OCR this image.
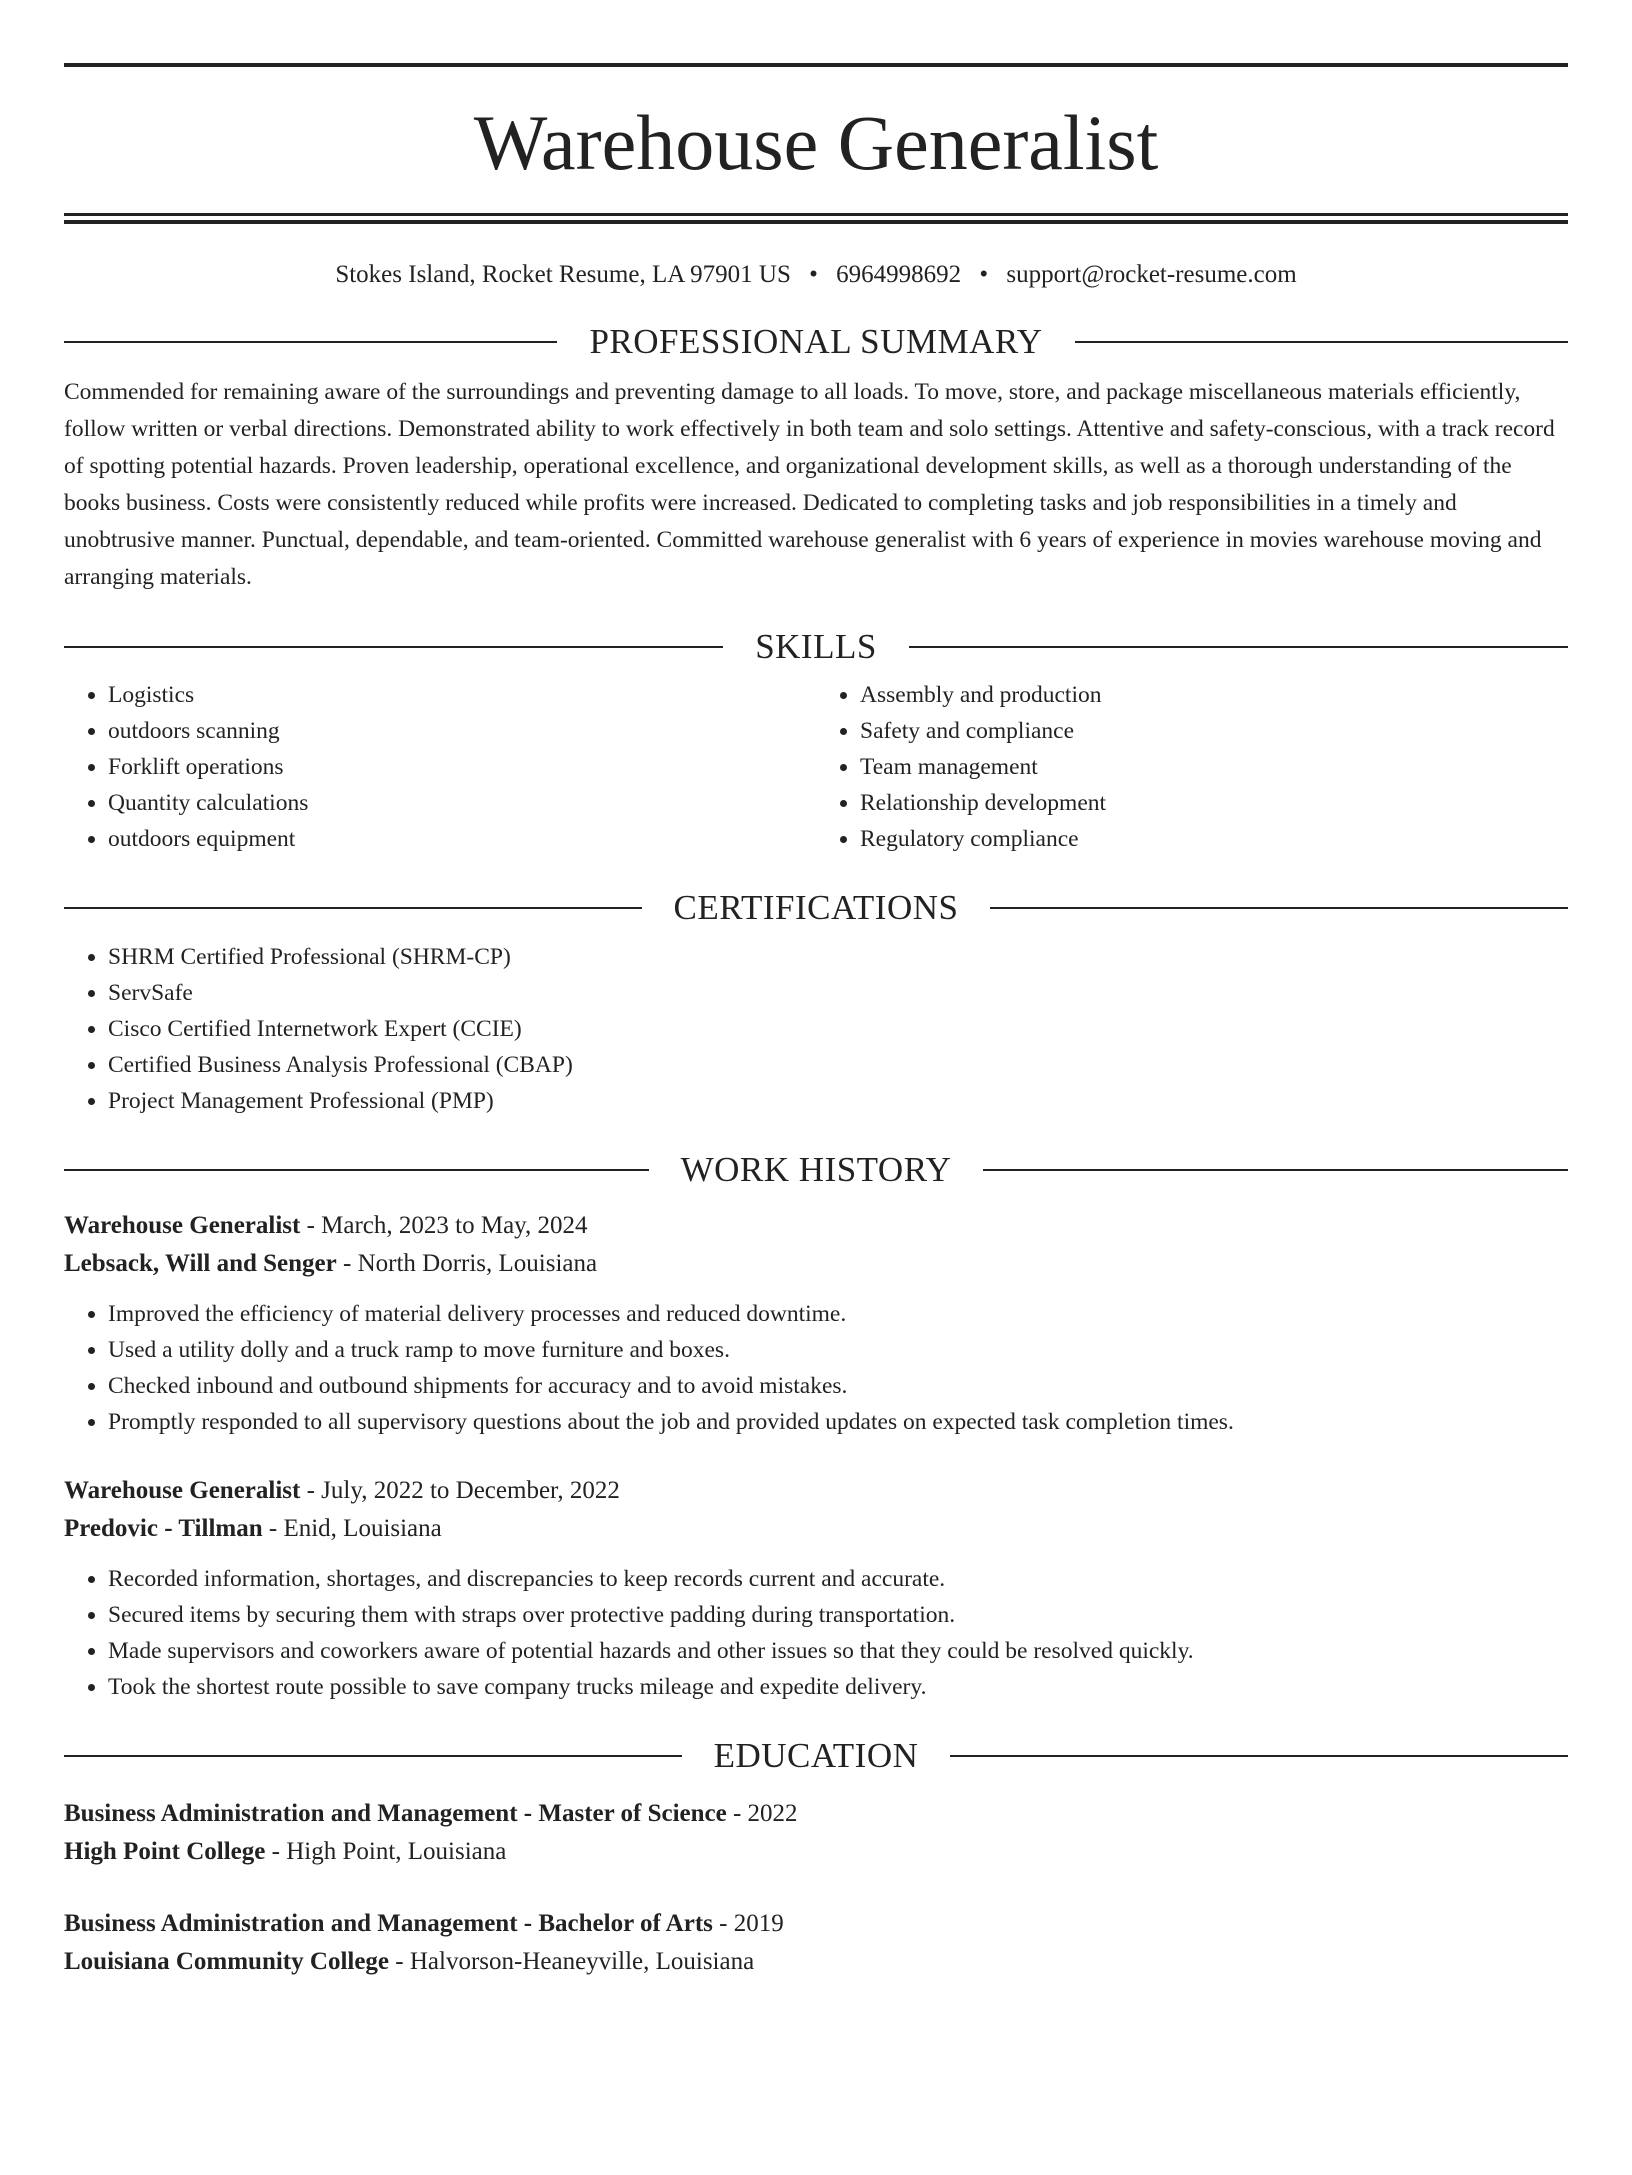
Warehouse Generalist
Stokes Island, Rocket Resume, LA 97901 US • 6964998692 • support@rocket-resume.com
PROFESSIONAL SUMMARY
Commended for remaining aware of the surroundings and preventing damage to all loads. To move, store, and package miscellaneous materials efficiently, follow written or verbal directions. Demonstrated ability to work effectively in both team and solo settings. Attentive and safety-conscious, with a track record of spotting potential hazards. Proven leadership, operational excellence, and organizational development skills, as well as a thorough understanding of the books business. Costs were consistently reduced while profits were increased. Dedicated to completing tasks and job responsibilities in a timely and unobtrusive manner. Punctual, dependable, and team-oriented. Committed warehouse generalist with 6 years of experience in movies warehouse moving and arranging materials.
SKILLS
• Logistics
• outdoors scanning
• Forklift operations
• Quantity calculations
• outdoors equipment
• Assembly and production
• Safety and compliance
• Team management
• Relationship development
• Regulatory compliance
CERTIFICATIONS
• SHRM Certified Professional (SHRM-CP)
• ServSafe
• Cisco Certified Internetwork Expert (CCIE)
• Certified Business Analysis Professional (CBAP)
• Project Management Professional (PMP)
WORK HISTORY
Warehouse Generalist - March, 2023 to May, 2024
Lebsack, Will and Senger - North Dorris, Louisiana
• Improved the efficiency of material delivery processes and reduced downtime.
• Used a utility dolly and a truck ramp to move furniture and boxes.
• Checked inbound and outbound shipments for accuracy and to avoid mistakes.
• Promptly responded to all supervisory questions about the job and provided updates on expected task completion times.
Warehouse Generalist - July, 2022 to December, 2022
Predovic - Tillman - Enid, Louisiana
• Recorded information, shortages, and discrepancies to keep records current and accurate.
• Secured items by securing them with straps over protective padding during transportation.
• Made supervisors and coworkers aware of potential hazards and other issues so that they could be resolved quickly.
• Took the shortest route possible to save company trucks mileage and expedite delivery.
EDUCATION
Business Administration and Management - Master of Science - 2022
High Point College - High Point, Louisiana
Business Administration and Management - Bachelor of Arts - 2019
Louisiana Community College - Halvorson-Heaneyville, Louisiana
